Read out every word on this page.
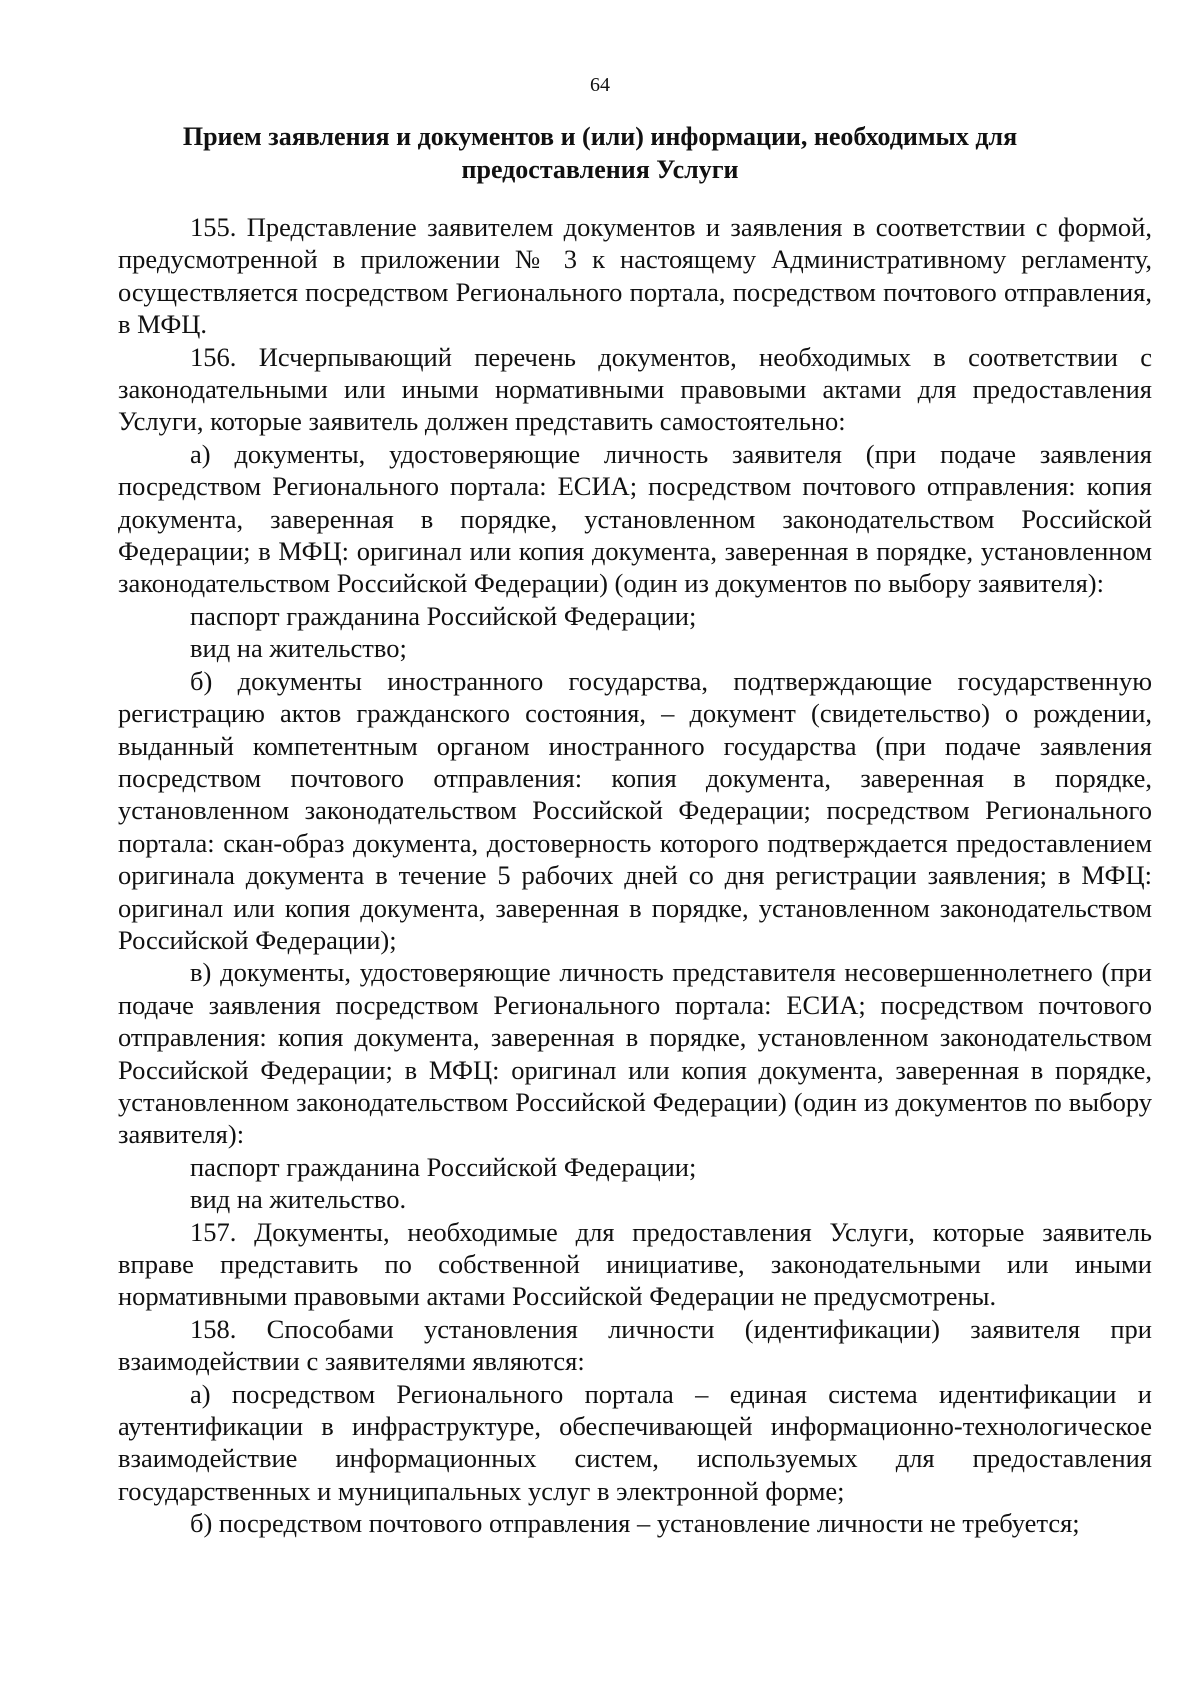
64
Прием заявления и документов и (или) информации, необходимых для
предоставления Услуги

155. Представление заявителем документов и заявления в соответствии с формой, предусмотренной в приложении № 3 к настоящему Административному регламенту, осуществляется посредством Регионального портала, посредством почтового отправления, в МФЦ.

156. Исчерпывающий перечень документов, необходимых в соответствии с законодательными или иными нормативными правовыми актами для предоставления Услуги, которые заявитель должен представить самостоятельно:

а) документы, удостоверяющие личность заявителя (при подаче заявления посредством Регионального портала: ЕСИА; посредством почтового отправления: копия документа, заверенная в порядке, установленном законодательством Российской Федерации; в МФЦ: оригинал или копия документа, заверенная в порядке, установленном законодательством Российской Федерации) (один из документов по выбору заявителя):

паспорт гражданина Российской Федерации;

вид на жительство;

б) документы иностранного государства, подтверждающие государственную регистрацию актов гражданского состояния, – документ (свидетельство) о рождении, выданный компетентным органом иностранного государства (при подаче заявления посредством почтового отправления: копия документа, заверенная в порядке, установленном законодательством Российской Федерации; посредством Регионального портала: скан-образ документа, достоверность которого подтверждается предоставлением оригинала документа в течение 5 рабочих дней со дня регистрации заявления; в МФЦ: оригинал или копия документа, заверенная в порядке, установленном законодательством Российской Федерации);

в) документы, удостоверяющие личность представителя несовершеннолетнего (при подаче заявления посредством Регионального портала: ЕСИА; посредством почтового отправления: копия документа, заверенная в порядке, установленном законодательством Российской Федерации; в МФЦ: оригинал или копия документа, заверенная в порядке, установленном законодательством Российской Федерации) (один из документов по выбору заявителя):

паспорт гражданина Российской Федерации;

вид на жительство.

157. Документы, необходимые для предоставления Услуги, которые заявитель вправе представить по собственной инициативе, законодательными или иными нормативными правовыми актами Российской Федерации не предусмотрены.

158. Способами установления личности (идентификации) заявителя при взаимодействии с заявителями являются:

а) посредством Регионального портала – единая система идентификации и аутентификации в инфраструктуре, обеспечивающей информационно-технологическое взаимодействие информационных систем, используемых для предоставления государственных и муниципальных услуг в электронной форме;

б) посредством почтового отправления – установление личности не требуется;
